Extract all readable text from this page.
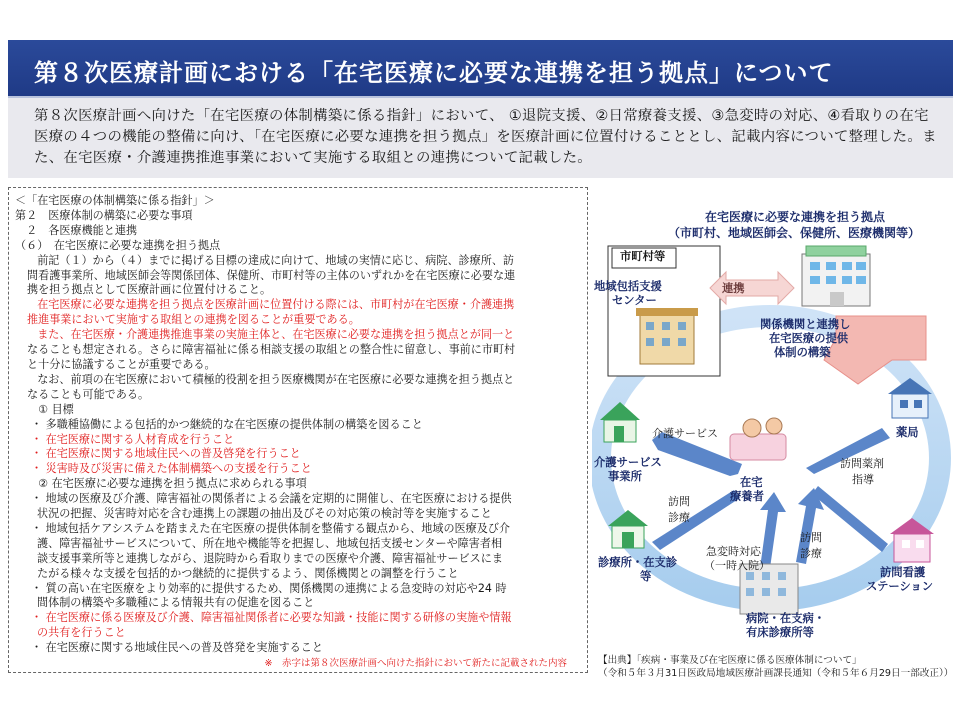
第８次医療計画における「在宅医療に必要な連携を担う拠点」について

第８次医療計画へ向けた「在宅医療の体制構築に係る指針」において、 ①退院支援、②日常療養支援、③急変時の対応、④看取りの在宅医療の４つの機能の整備に向け、「在宅医療に必要な連携を担う拠点」を医療計画に位置付けることとし、記載内容について整理した。また、在宅医療・介護連携推進事業において実施する取組との連携について記載した。

＜「在宅医療の体制構築に係る指針」＞
第２　医療体制の構築に必要な事項
　２　各医療機能と連携
（６）　在宅医療に必要な連携を担う拠点
　　前記（１）から（４）までに掲げる目標の達成に向けて、地域の実情に応じ、病院、診療所、訪
問看護事業所、地域医師会等関係団体、保健所、市町村等の主体のいずれかを在宅医療に必要な連
携を担う拠点として医療計画に位置付けること。
　　在宅医療に必要な連携を担う拠点を医療計画に位置付ける際には、市町村が在宅医療・介護連携
推進事業において実施する取組との連携を図ることが重要である。
　　また、在宅医療・介護連携推進事業の実施主体と、在宅医療に必要な連携を担う拠点とが同一と
なることも想定される。さらに障害福祉に係る相談支援の取組との整合性に留意し、事前に市町村
と十分に協議することが重要である。
　　なお、前項の在宅医療において積極的役割を担う医療機関が在宅医療に必要な連携を担う拠点と
なることも可能である。
　① 目標
・ 多職種協働による包括的かつ継続的な在宅医療の提供体制の構築を図ること
・ 在宅医療に関する人材育成を行うこと
・ 在宅医療に関する地域住民への普及啓発を行うこと
・ 災害時及び災害に備えた体制構築への支援を行うこと
　② 在宅医療に必要な連携を担う拠点に求められる事項
・ 地域の医療及び介護、障害福祉の関係者による会議を定期的に開催し、在宅医療における提供
状況の把握、災害時対応を含む連携上の課題の抽出及びその対応策の検討等を実施すること
・ 地域包括ケアシステムを踏まえた在宅医療の提供体制を整備する観点から、地域の医療及び介
護、障害福祉サービスについて、所在地や機能等を把握し、地域包括支援センターや障害者相
談支援事業所等と連携しながら、退院時から看取りまでの医療や介護、障害福祉サービスにま
たがる様々な支援を包括的かつ継続的に提供するよう、関係機関との調整を行うこと
・ 質の高い在宅医療をより効率的に提供するため、関係機関の連携による急変時の対応や24 時
間体制の構築や多職種による情報共有の促進を図ること
・ 在宅医療に係る医療及び介護、障害福祉関係者に必要な知識・技能に関する研修の実施や情報
の共有を行うこと
・ 在宅医療に関する地域住民への普及啓発を実施すること
※　赤字は第８次医療計画へ向けた指針において新たに記載された内容
在宅医療に必要な連携を担う拠点
（市町村、地域医師会、保健所、医療機関等）
市町村等
地域包括支援
センター
連携
関係機関と連携し
在宅医療の提供
体制の構築
介護サービス
介護サービス
事業所
薬局
訪問薬剤
指導
在宅
療養者
訪問
診療
診療所・在支診
等
急変時対応
（一時入院）
訪問
診療
訪問看護
ステーション
病院・在支病・
有床診療所等
【出典】「疾病・事業及び在宅医療に係る医療体制について」
（令和５年３月31日医政局地域医療計画課長通知（令和５年６月29日一部改正））
